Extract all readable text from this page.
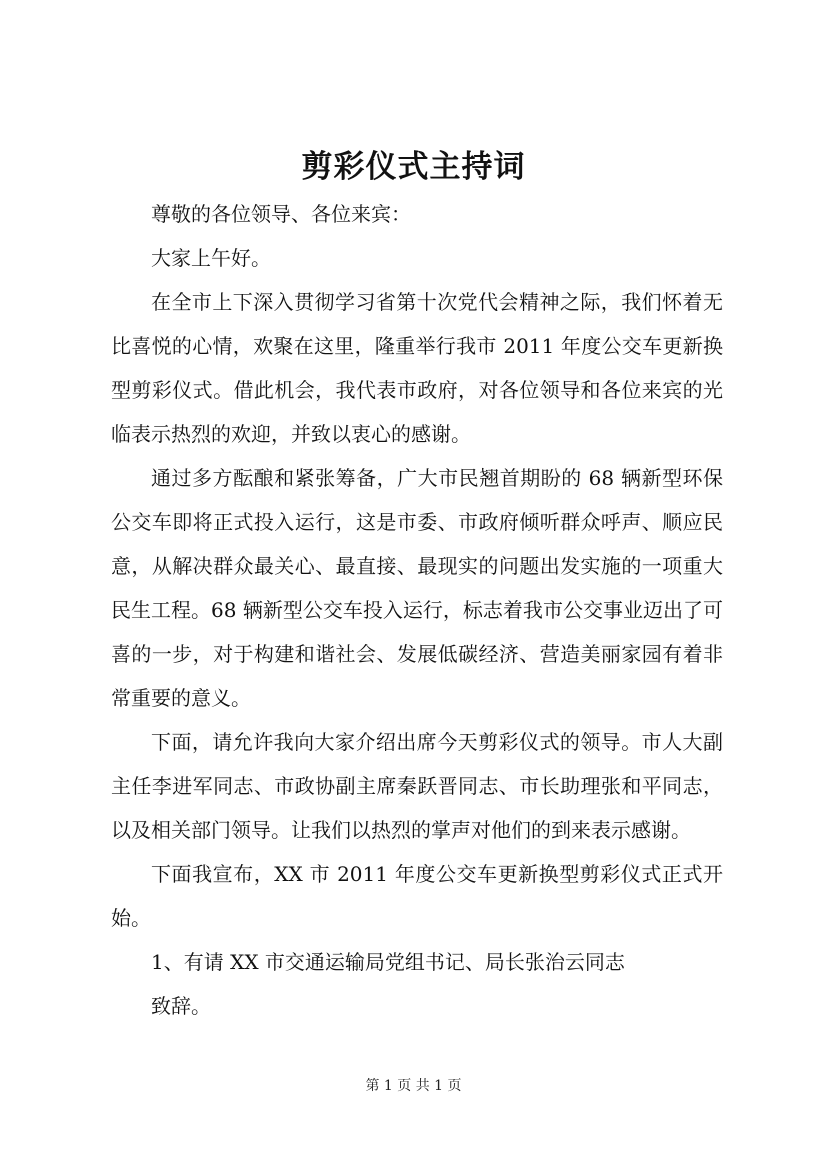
剪彩仪式主持词

尊敬的各位领导、各位来宾：

大家上午好。

在全市上下深入贯彻学习省第十次党代会精神之际，我们怀着无比喜悦的心情，欢聚在这里，隆重举行我市 2011 年度公交车更新换型剪彩仪式。借此机会，我代表市政府，对各位领导和各位来宾的光临表示热烈的欢迎，并致以衷心的感谢。

通过多方酝酿和紧张筹备，广大市民翘首期盼的 68 辆新型环保公交车即将正式投入运行，这是市委、市政府倾听群众呼声、顺应民意，从解决群众最关心、最直接、最现实的问题出发实施的一项重大民生工程。68 辆新型公交车投入运行，标志着我市公交事业迈出了可喜的一步，对于构建和谐社会、发展低碳经济、营造美丽家园有着非常重要的意义。

下面，请允许我向大家介绍出席今天剪彩仪式的领导。市人大副主任李进军同志、市政协副主席秦跃晋同志、市长助理张和平同志，以及相关部门领导。让我们以热烈的掌声对他们的到来表示感谢。

下面我宣布，XX 市 2011 年度公交车更新换型剪彩仪式正式开始。

1、有请 XX 市交通运输局党组书记、局长张治云同志

致辞。

第 1 页 共 1 页
